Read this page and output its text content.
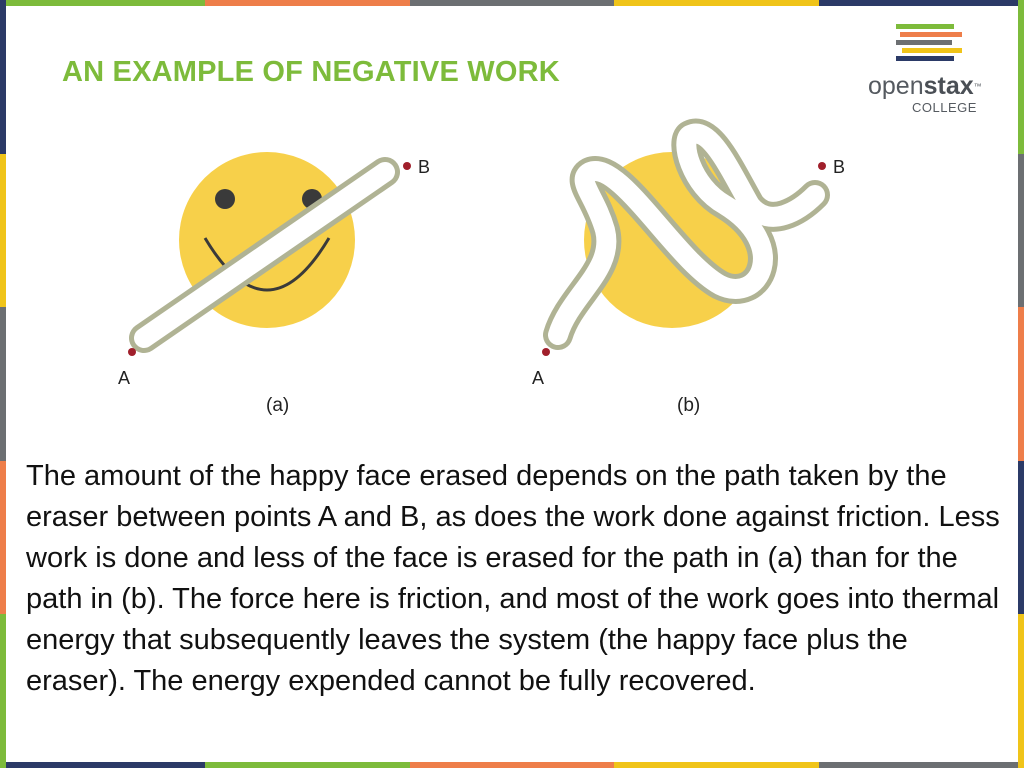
AN EXAMPLE OF NEGATIVE WORK	openstax™
COLLEGE
A
B
(a)
A
B
(b)

The amount of the happy face erased depends on the path taken by the eraser between points A and B, as does the work done against friction. Less work is done and less of the face is erased for the path in (a) than for the path in (b). The force here is friction, and most of the work goes into thermal energy that subsequently leaves the system (the happy face plus the eraser). The energy expended cannot be fully recovered.
